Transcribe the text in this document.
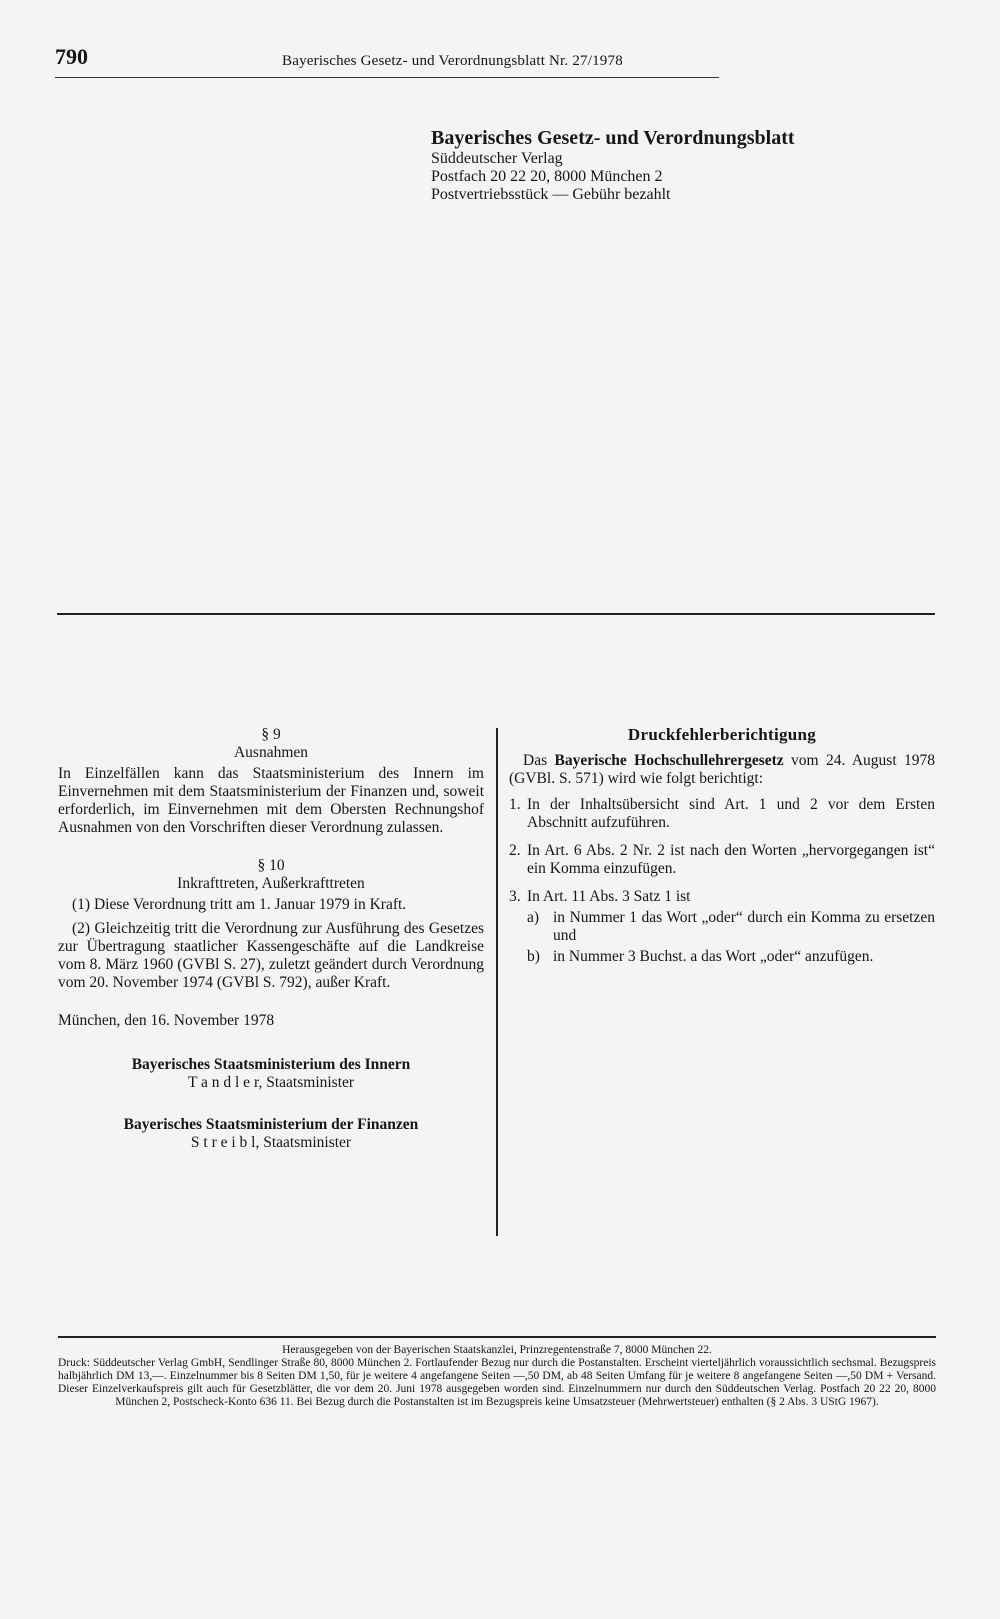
790	Bayerisches Gesetz- und Verordnungsblatt Nr. 27/1978
Bayerisches Gesetz- und Verordnungsblatt
Süddeutscher Verlag
Postfach 20 22 20, 8000 München 2
Postvertriebsstück — Gebühr bezahlt
§ 9
Ausnahmen

In Einzelfällen kann das Staatsministerium des Innern im Einvernehmen mit dem Staatsministerium der Finanzen und, soweit erforderlich, im Einvernehmen mit dem Obersten Rechnungshof Ausnahmen von den Vorschriften dieser Verordnung zulassen.

§ 10
Inkrafttreten, Außerkrafttreten

(1) Diese Verordnung tritt am 1. Januar 1979 in Kraft.

(2) Gleichzeitig tritt die Verordnung zur Ausführung des Gesetzes zur Übertragung staatlicher Kassengeschäfte auf die Landkreise vom 8. März 1960 (GVBl S. 27), zuletzt geändert durch Verordnung vom 20. November 1974 (GVBl S. 792), außer Kraft.

München, den 16. November 1978
Bayerisches Staatsministerium des Innern
T a n d l e r, Staatsminister
Bayerisches Staatsministerium der Finanzen
S t r e i b l, Staatsminister
Druckfehlerberichtigung

Das Bayerische Hochschullehrergesetz vom 24. August 1978 (GVBl. S. 571) wird wie folgt berichtigt:

1. In der Inhaltsübersicht sind Art. 1 und 2 vor dem Ersten Abschnitt aufzuführen.
2. In Art. 6 Abs. 2 Nr. 2 ist nach den Worten „hervorgegangen ist“ ein Komma einzufügen.
3. In Art. 11 Abs. 3 Satz 1 ist
a) in Nummer 1 das Wort „oder“ durch ein Komma zu ersetzen und
b) in Nummer 3 Buchst. a das Wort „oder“ anzufügen.

Herausgegeben von der Bayerischen Staatskanzlei, Prinzregentenstraße 7, 8000 München 22.

Druck: Süddeutscher Verlag GmbH, Sendlinger Straße 80, 8000 München 2. Fortlaufender Bezug nur durch die Postanstalten. Erscheint vierteljährlich voraussichtlich sechsmal. Bezugspreis halbjährlich DM 13,—. Einzelnummer bis 8 Seiten DM 1,50, für je weitere 4 angefangene Seiten —,50 DM, ab 48 Seiten Umfang für je weitere 8 angefangene Seiten —,50 DM + Versand. Dieser Einzelverkaufspreis gilt auch für Gesetzblätter, die vor dem 20. Juni 1978 ausgegeben worden sind. Einzelnummern nur durch den Süddeutschen Verlag. Postfach 20 22 20, 8000 München 2, Postscheck-Konto 636 11. Bei Bezug durch die Postanstalten ist im Bezugspreis keine Umsatzsteuer (Mehrwertsteuer) enthalten (§ 2 Abs. 3 UStG 1967).
